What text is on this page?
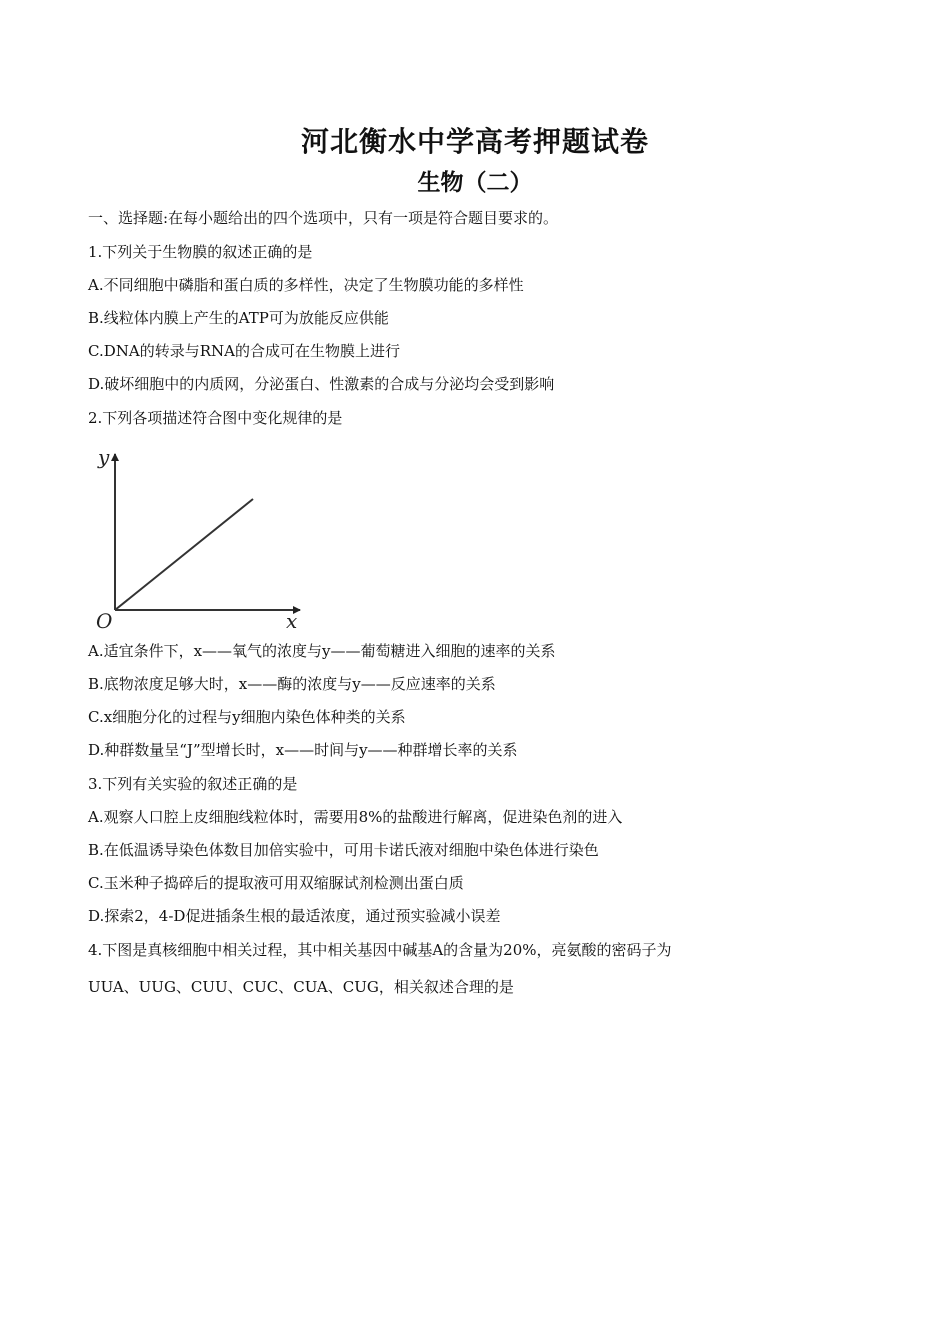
河北衡水中学高考押题试卷
生物（二）
一、选择题:在每小题给出的四个选项中，只有一项是符合题目要求的。
1.下列关于生物膜的叙述正确的是
A.不同细胞中磷脂和蛋白质的多样性，决定了生物膜功能的多样性
B.线粒体内膜上产生的ATP可为放能反应供能
C.DNA的转录与RNA的合成可在生物膜上进行
D.破坏细胞中的内质网，分泌蛋白、性激素的合成与分泌均会受到影响
2.下列各项描述符合图中变化规律的是
y
x
O
A.适宜条件下，x——氧气的浓度与y——葡萄糖进入细胞的速率的关系
B.底物浓度足够大时，x——酶的浓度与y——反应速率的关系
C.x细胞分化的过程与y细胞内染色体种类的关系
D.种群数量呈“J”型增长时，x——时间与y——种群增长率的关系
3.下列有关实验的叙述正确的是
A.观察人口腔上皮细胞线粒体时，需要用8%的盐酸进行解离，促进染色剂的进入
B.在低温诱导染色体数目加倍实验中，可用卡诺氏液对细胞中染色体进行染色
C.玉米种子捣碎后的提取液可用双缩脲试剂检测出蛋白质
D.探索2，4-D促进插条生根的最适浓度，通过预实验减小误差
4.下图是真核细胞中相关过程，其中相关基因中碱基A的含量为20%，亮氨酸的密码子为
UUA、UUG、CUU、CUC、CUA、CUG，相关叙述合理的是
